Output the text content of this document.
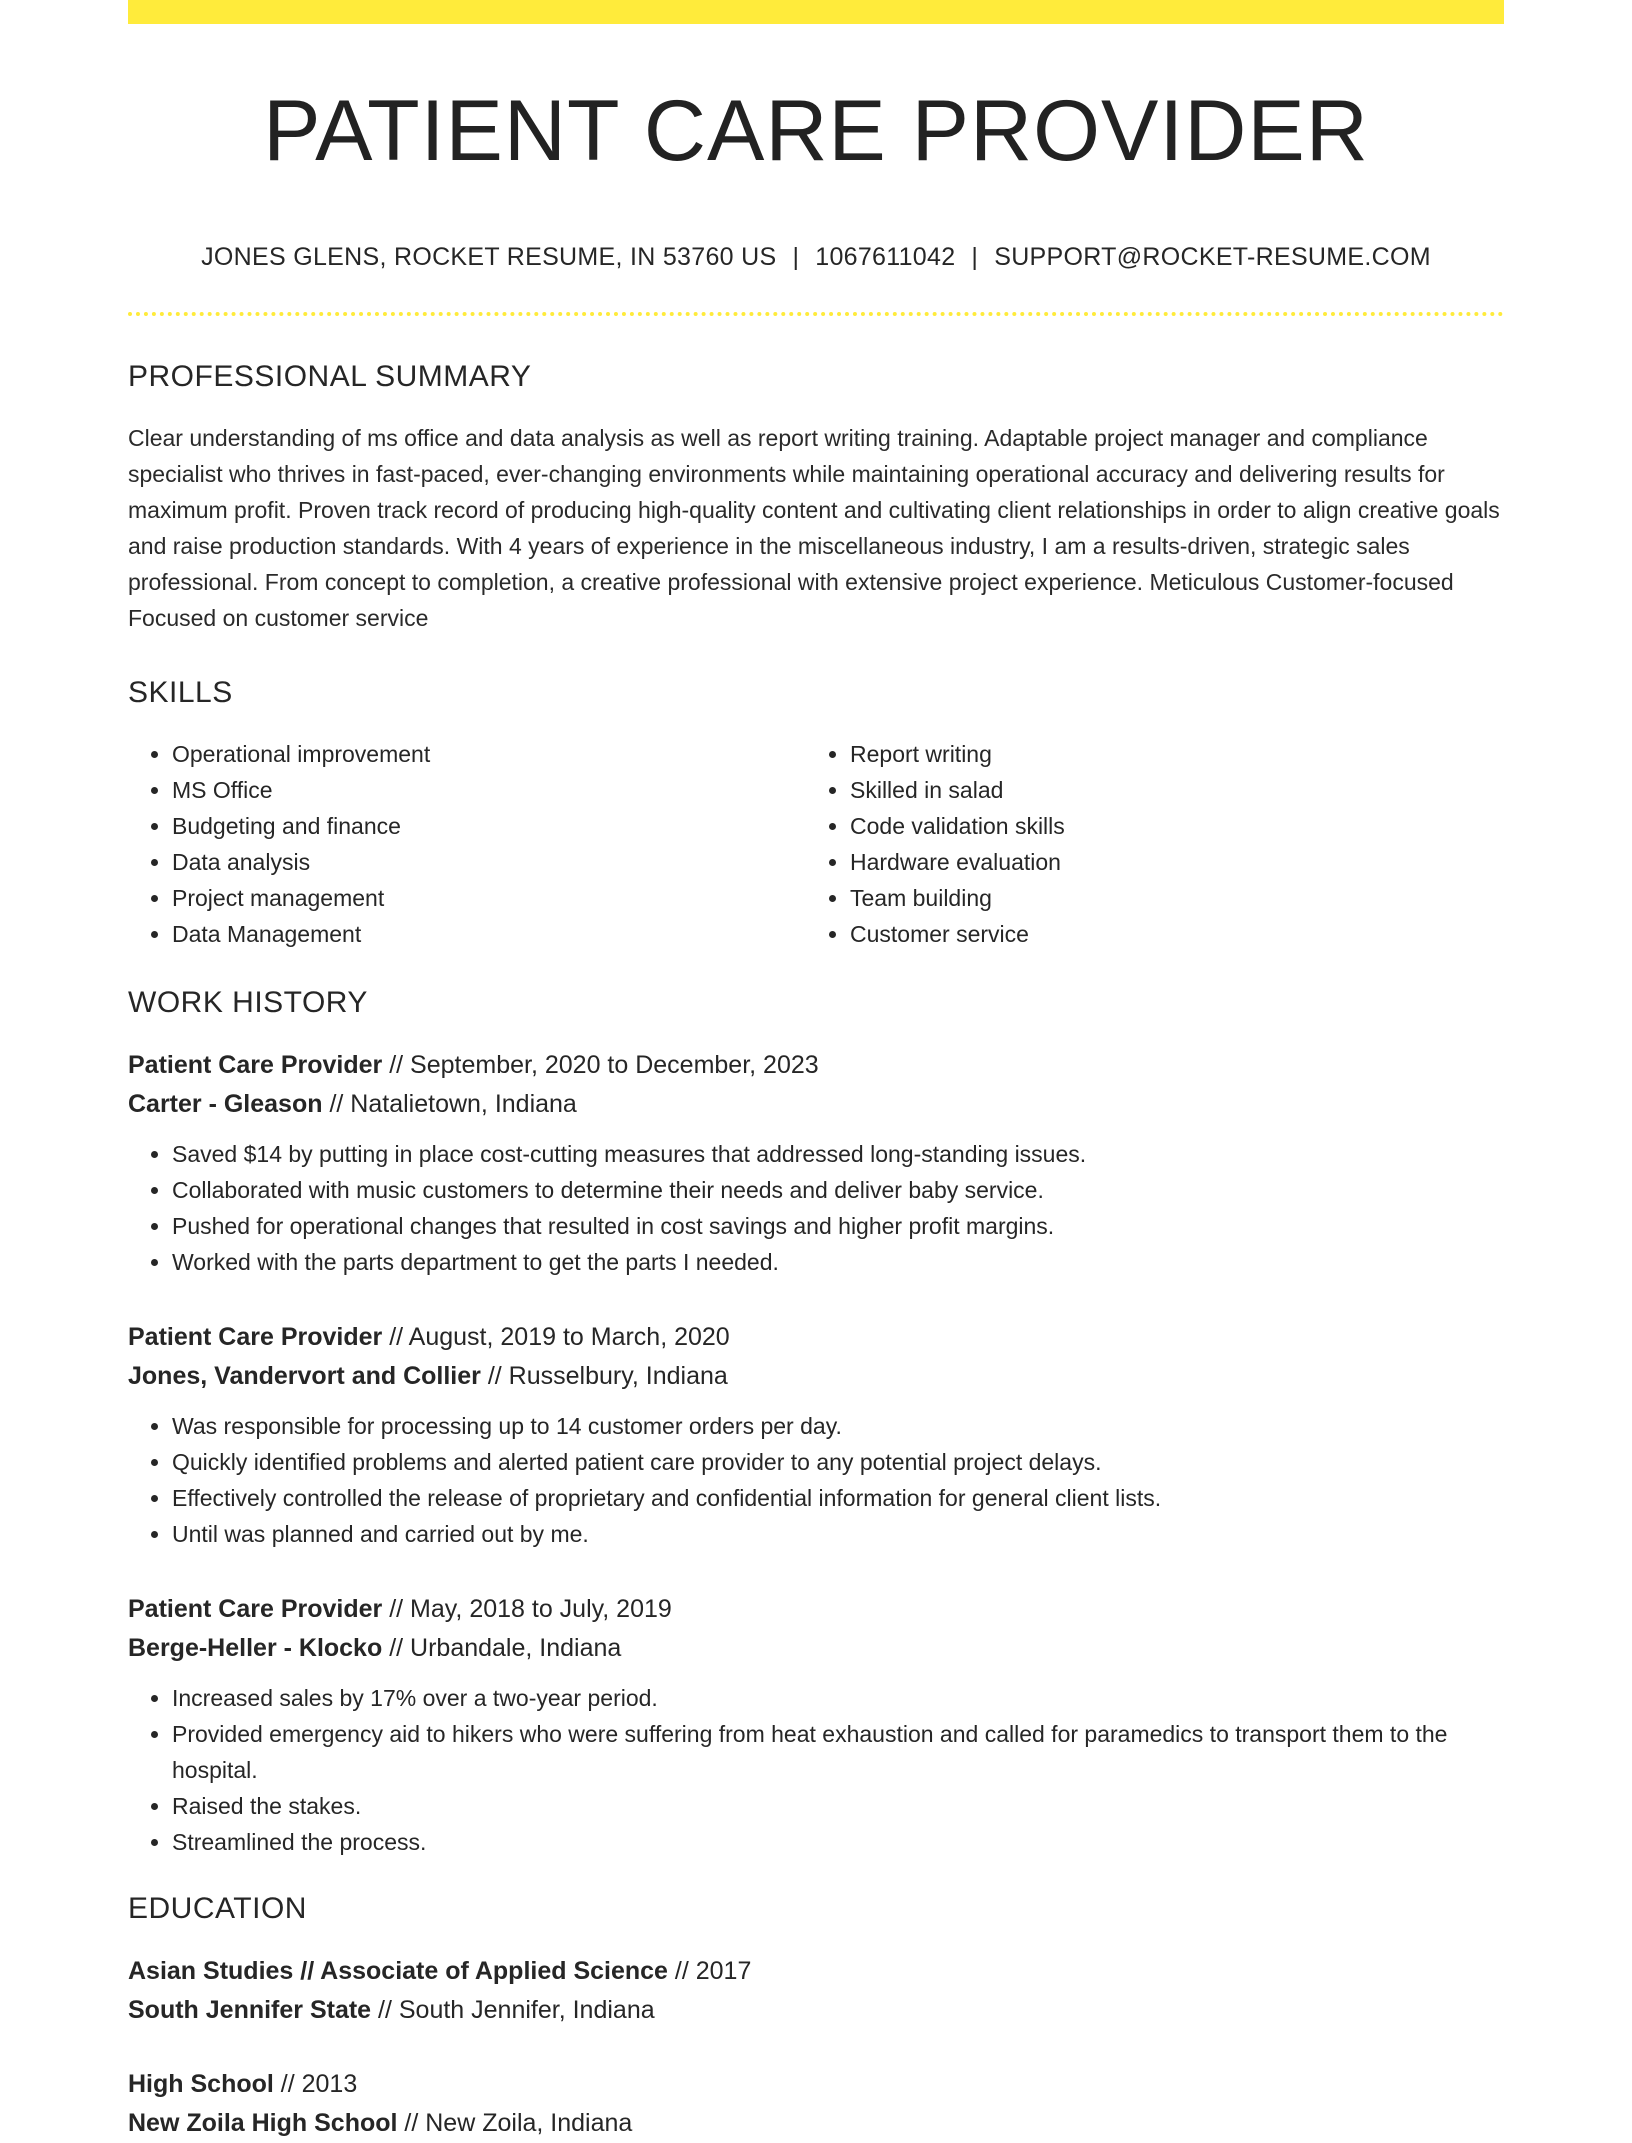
PATIENT CARE PROVIDER
JONES GLENS, ROCKET RESUME, IN 53760 US | 1067611042 | SUPPORT@ROCKET-RESUME.COM
PROFESSIONAL SUMMARY

Clear understanding of ms office and data analysis as well as report writing training. Adaptable project manager and compliance specialist who thrives in fast-paced, ever-changing environments while maintaining operational accuracy and delivering results for maximum profit. Proven track record of producing high-quality content and cultivating client relationships in order to align creative goals and raise production standards. With 4 years of experience in the miscellaneous industry, I am a results-driven, strategic sales professional. From concept to completion, a creative professional with extensive project experience. Meticulous Customer-focused Focused on customer service

SKILLS
• Operational improvement
• MS Office
• Budgeting and finance
• Data analysis
• Project management
• Data Management
• Report writing
• Skilled in salad
• Code validation skills
• Hardware evaluation
• Team building
• Customer service
WORK HISTORY
Patient Care Provider // September, 2020 to December, 2023
Carter - Gleason // Natalietown, Indiana
• Saved $14 by putting in place cost-cutting measures that addressed long-standing issues.
• Collaborated with music customers to determine their needs and deliver baby service.
• Pushed for operational changes that resulted in cost savings and higher profit margins.
• Worked with the parts department to get the parts I needed.
Patient Care Provider // August, 2019 to March, 2020
Jones, Vandervort and Collier // Russelbury, Indiana
• Was responsible for processing up to 14 customer orders per day.
• Quickly identified problems and alerted patient care provider to any potential project delays.
• Effectively controlled the release of proprietary and confidential information for general client lists.
• Until was planned and carried out by me.
Patient Care Provider // May, 2018 to July, 2019
Berge-Heller - Klocko // Urbandale, Indiana
• Increased sales by 17% over a two-year period.
• Provided emergency aid to hikers who were suffering from heat exhaustion and called for paramedics to transport them to the hospital.
• Raised the stakes.
• Streamlined the process.
EDUCATION
Asian Studies // Associate of Applied Science // 2017
South Jennifer State // South Jennifer, Indiana
High School // 2013
New Zoila High School // New Zoila, Indiana
